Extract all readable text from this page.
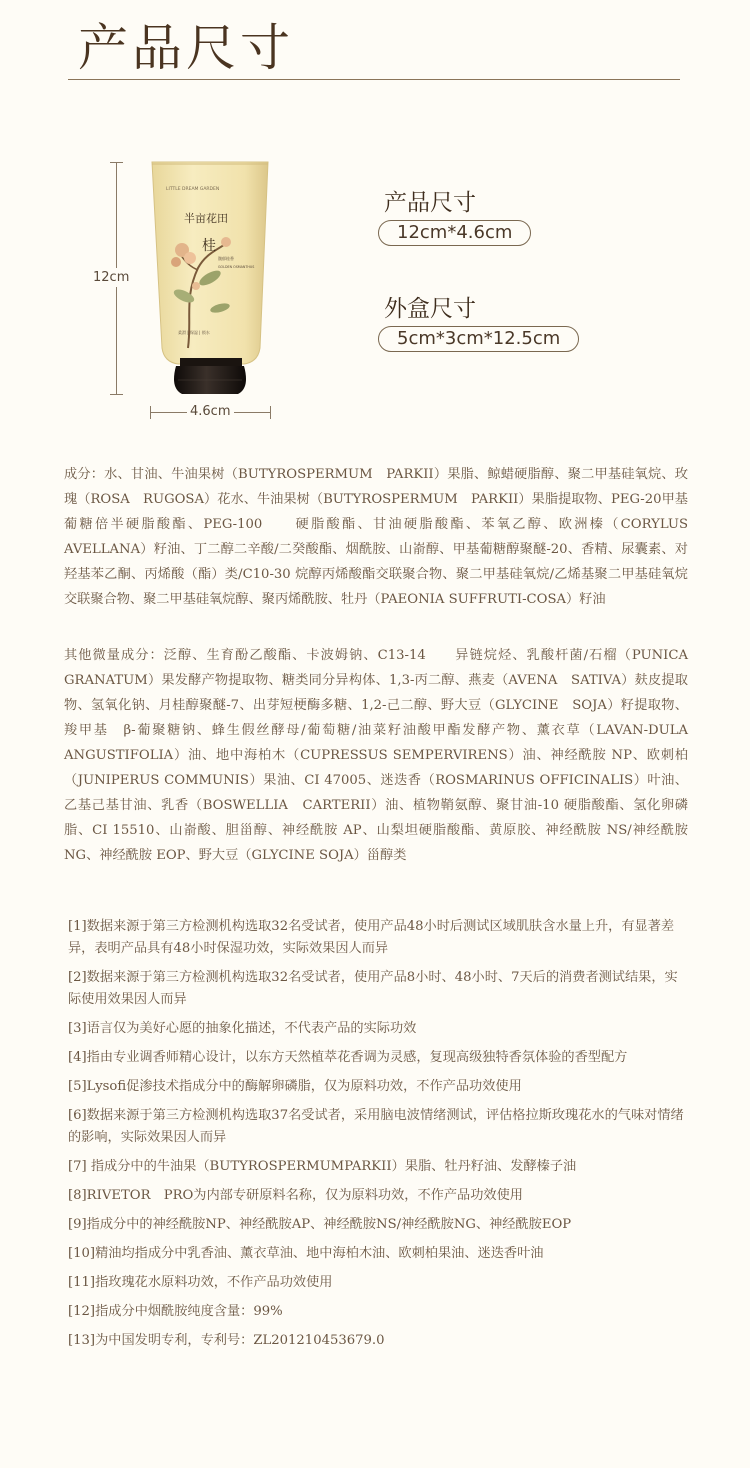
产品尺寸
12cm
LITTLE DREAM GARDEN
半亩花田
桂
馥郁桂香
GOLDEN OSMANTHUS
柔滑 | 保湿 | 锁水
4.6cm
产品尺寸
12cm*4.6cm
外盒尺寸
5cm*3cm*12.5cm
成分：水、甘油、牛油果树（BUTYROSPERMUM　PARKII）果脂、鲸蜡硬脂醇、聚二甲基硅氧烷、玫瑰（ROSA　RUGOSA）花水、牛油果树（BUTYROSPERMUM　PARKII）果脂提取物、PEG-20甲基葡糖倍半硬脂酸酯、PEG-100　　硬脂酸酯、甘油硬脂酸酯、苯氧乙醇、欧洲榛（CORYLUS　AVELLANA）籽油、丁二醇二辛酸/二癸酸酯、烟酰胺、山嵛醇、甲基葡糖醇聚醚-20、香精、尿囊素、对羟基苯乙酮、丙烯酸（酯）类/C10-30 烷醇丙烯酸酯交联聚合物、聚二甲基硅氧烷/乙烯基聚二甲基硅氧烷交联聚合物、聚二甲基硅氧烷醇、聚丙烯酰胺、牡丹（PAEONIA SUFFRUTI-COSA）籽油
其他微量成分：泛醇、生育酚乙酸酯、卡波姆钠、C13-14　　异链烷烃、乳酸杆菌/石榴（PUNICA　GRANATUM）果发酵产物提取物、糖类同分异构体、1,3-丙二醇、燕麦（AVENA　SATIVA）麸皮提取物、氢氧化钠、月桂醇聚醚-7、出芽短梗酶多糖、1,2-己二醇、野大豆（GLYCINE　SOJA）籽提取物、羧甲基　β-葡聚糖钠、蜂生假丝酵母/葡萄糖/油菜籽油酸甲酯发酵产物、薰衣草（LAVAN-DULA ANGUSTIFOLIA）油、地中海柏木（CUPRESSUS SEMPERVIRENS）油、神经酰胺 NP、欧刺柏（JUNIPERUS COMMUNIS）果油、CI 47005、迷迭香（ROSMARINUS OFFICINALIS）叶油、乙基己基甘油、乳香（BOSWELLIA　CARTERII）油、植物鞘氨醇、聚甘油-10 硬脂酸酯、氢化卵磷脂、CI 15510、山嵛酸、胆甾醇、神经酰胺 AP、山梨坦硬脂酸酯、黄原胶、神经酰胺 NS/神经酰胺 NG、神经酰胺 EOP、野大豆（GLYCINE SOJA）甾醇类
[1]数据来源于第三方检测机构选取32名受试者，使用产品48小时后测试区域肌肤含水量上升，有显著差异，表明产品具有48小时保湿功效，实际效果因人而异
[2]数据来源于第三方检测机构选取32名受试者，使用产品8小时、48小时、7天后的消费者测试结果，实际使用效果因人而异
[3]语言仅为美好心愿的抽象化描述，不代表产品的实际功效
[4]指由专业调香师精心设计，以东方天然植萃花香调为灵感，复现高级独特香氛体验的香型配方
[5]Lysofi促渗技术指成分中的酶解卵磷脂，仅为原料功效，不作产品功效使用
[6]数据来源于第三方检测机构选取37名受试者，采用脑电波情绪测试，评估格拉斯玫瑰花水的气味对情绪的影响，实际效果因人而异
[7] 指成分中的牛油果（BUTYROSPERMUMPARKII）果脂、牡丹籽油、发酵榛子油
[8]RIVETOR　PRO为内部专研原料名称，仅为原料功效，不作产品功效使用
[9]指成分中的神经酰胺NP、神经酰胺AP、神经酰胺NS/神经酰胺NG、神经酰胺EOP
[10]精油均指成分中乳香油、薰衣草油、地中海柏木油、欧刺柏果油、迷迭香叶油
[11]指玫瑰花水原料功效，不作产品功效使用
[12]指成分中烟酰胺纯度含量：99%
[13]为中国发明专利，专利号：ZL201210453679.0
